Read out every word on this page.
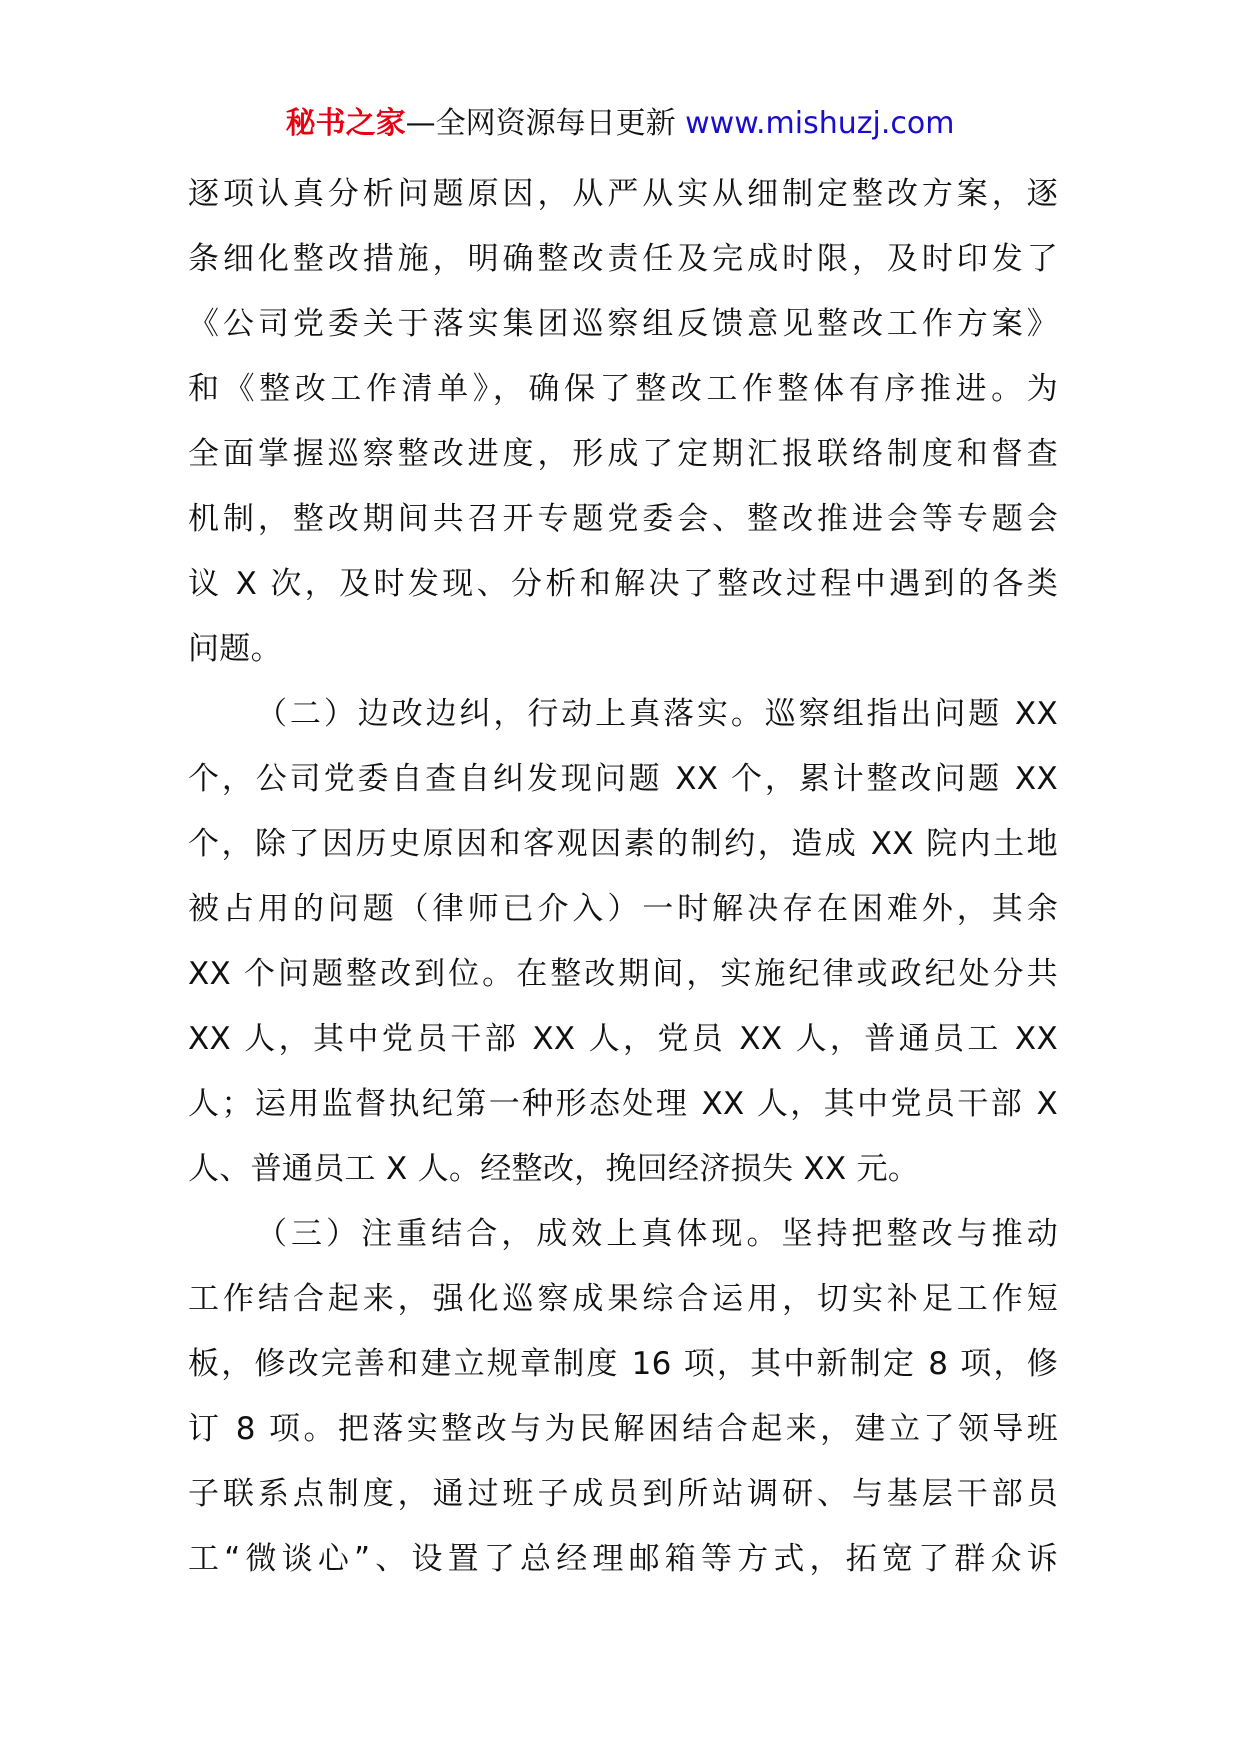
秘书之家—全网资源每日更新 www.mishuzj.com
逐项认真分析问题原因，从严从实从细制定整改方案，逐
条细化整改措施，明确整改责任及完成时限，及时印发了
《公司党委关于落实集团巡察组反馈意见整改工作方案》
和《整改工作清单》，确保了整改工作整体有序推进。为
全面掌握巡察整改进度，形成了定期汇报联络制度和督查
机制，整改期间共召开专题党委会、整改推进会等专题会
议 X 次，及时发现、分析和解决了整改过程中遇到的各类
问题。
（二）边改边纠，行动上真落实。巡察组指出问题 XX
个，公司党委自查自纠发现问题 XX 个，累计整改问题 XX
个，除了因历史原因和客观因素的制约，造成 XX 院内土地
被占用的问题（律师已介入）一时解决存在困难外，其余
XX 个问题整改到位。在整改期间，实施纪律或政纪处分共
XX 人，其中党员干部 XX 人，党员 XX 人，普通员工 XX
人；运用监督执纪第一种形态处理 XX 人，其中党员干部 X
人、普通员工 X 人。经整改，挽回经济损失 XX 元。
（三）注重结合，成效上真体现。坚持把整改与推动
工作结合起来，强化巡察成果综合运用，切实补足工作短
板，修改完善和建立规章制度 16 项，其中新制定 8 项，修
订 8 项。把落实整改与为民解困结合起来，建立了领导班
子联系点制度，通过班子成员到所站调研、与基层干部员
工“微谈心”、设置了总经理邮箱等方式，拓宽了群众诉
